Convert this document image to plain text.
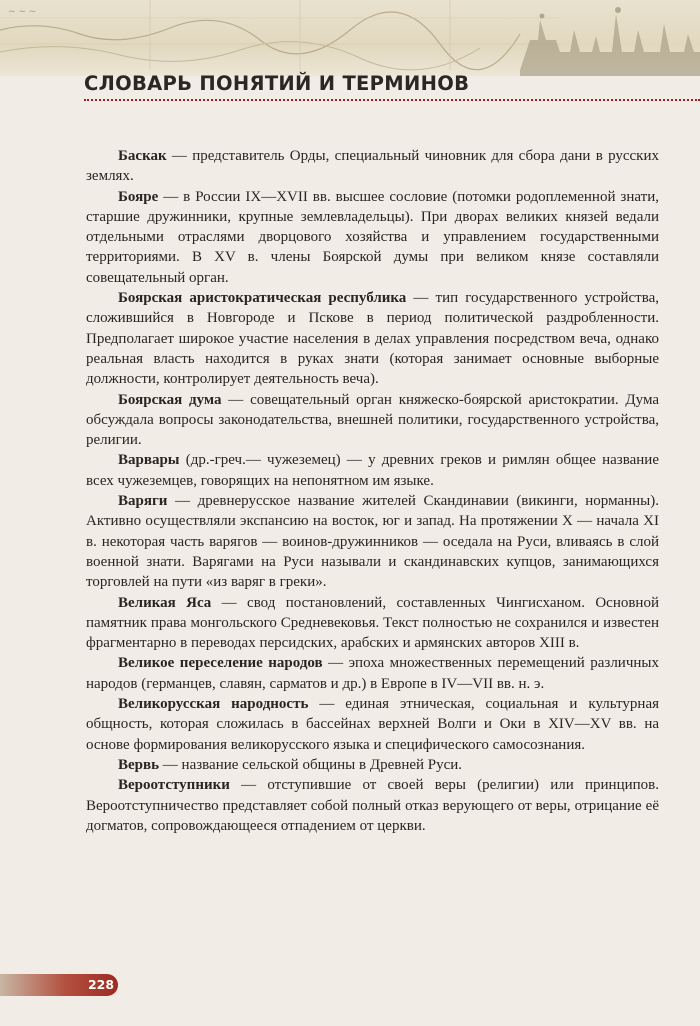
~ ~ ~
СЛОВАРЬ ПОНЯТИЙ И ТЕРМИНОВ

Баскак — представитель Орды, специальный чиновник для сбора дани в русских землях.

Бояре — в России IX—XVII вв. высшее сословие (потомки родоплеменной знати, старшие дружинники, крупные землевладельцы). При дворах великих князей ведали отдельными отраслями дворцового хозяйства и управлением государственными территориями. В XV в. члены Боярской думы при великом князе составляли совещательный орган.

Боярская аристократическая республика — тип государственного устройства, сложившийся в Новгороде и Пскове в период политической раздробленности. Предполагает широкое участие населения в делах управления посредством веча, однако реальная власть находится в руках знати (которая занимает основные выборные должности, контролирует деятельность веча).

Боярская дума — совещательный орган княжеско-боярской аристократии. Дума обсуждала вопросы законодательства, внешней политики, государственного устройства, религии.

Варвары (др.-греч.— чужеземец) — у древних греков и римлян общее название всех чужеземцев, говорящих на непонятном им языке.

Варяги — древнерусское название жителей Скандинавии (викинги, норманны). Активно осуществляли экспансию на восток, юг и запад. На протяжении X — начала XI в. некоторая часть варягов — воинов-дружинников — оседала на Руси, вливаясь в слой военной знати. Варягами на Руси называли и скандинавских купцов, занимающихся торговлей на пути «из варяг в греки».

Великая Яса — свод постановлений, составленных Чингисханом. Основной памятник права монгольского Средневековья. Текст полностью не сохранился и известен фрагментарно в переводах персидских, арабских и армянских авторов XIII в.

Великое переселение народов — эпоха множественных перемещений различных народов (германцев, славян, сарматов и др.) в Европе в IV—VII вв. н. э.

Великорусская народность — единая этническая, социальная и культурная общность, которая сложилась в бассейнах верхней Волги и Оки в XIV—XV вв. на основе формирования великорусского языка и специфического самосознания.

Вервь — название сельской общины в Древней Руси.

Вероотступники — отступившие от своей веры (религии) или принципов. Вероотступничество представляет собой полный отказ верующего от веры, отрицание её догматов, сопровождающееся отпадением от церкви.

228
